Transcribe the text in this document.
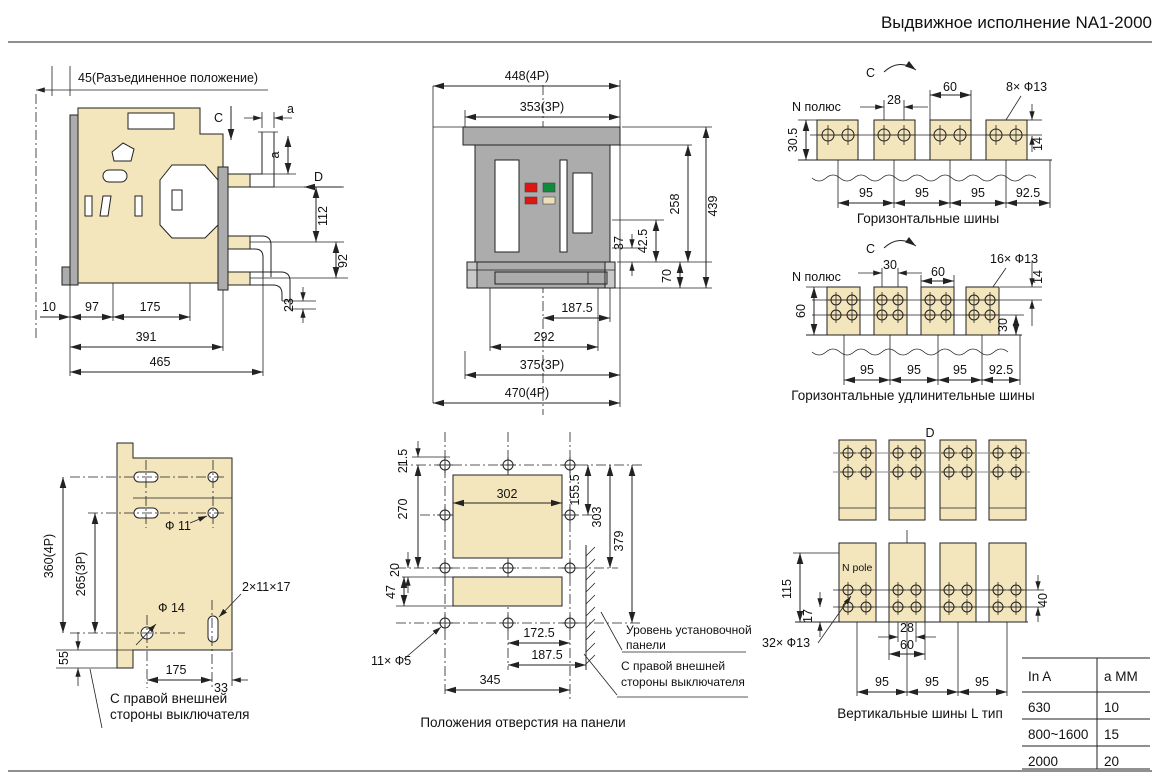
Выдвижное исполнение NA1-2000
45(Разъединенное положение)
a
C
a
D
112
92
23
10 97	175
391
465
448(4P)
353(3P)
37 42.5
70
258 439
187.5
292
375(3P)
470(4P)
C
N полюс
8× Ф13
28
60
30.5	14
95	95	95 92.5
Горизонтальные шины
C
N полюс
16× Ф13
30	60
60
14
30
95	95	95 92.5
Горизонтальные удлинительные шины
360(4P) 265(3P)
55
175
33
Ф 11
Ф 14
2×11×17
С правой внешней
стороны выключателя
21.5
270
20
47
302	155.5
303
379
172.5
187.5
345
11× Ф5
Уровень установочной
панели
С правой внешней
стороны выключателя
Положения отверстия на панели
D
N pole
115
17
40
32× Ф13
28
60
95	95	95
Вертикальные шины L тип
In A	a MM
630	10
800~1600 15
2000	20
